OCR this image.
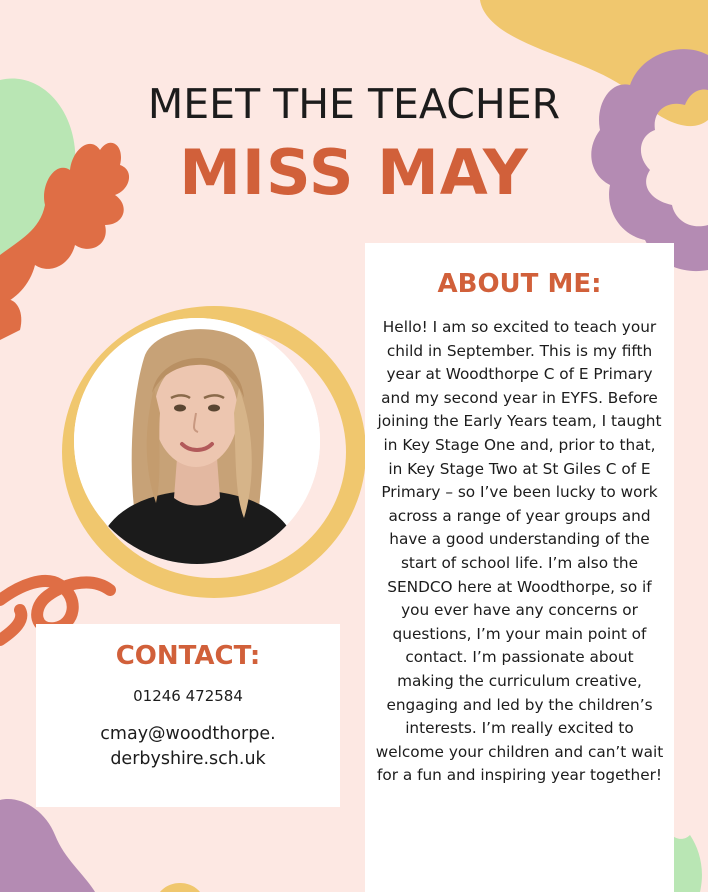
MEET THE TEACHER
MISS MAY
ABOUT ME:

Hello! I am so excited to teach your child in September. This is my fifth year at Woodthorpe C of E Primary and my second year in EYFS. Before joining the Early Years team, I taught in Key Stage One and, prior to that, in Key Stage Two at St Giles C of E Primary – so I’ve been lucky to work across a range of year groups and have a good understanding of the start of school life. I’m also the SENDCO here at Woodthorpe, so if you ever have any concerns or questions, I’m your main point of contact. I’m passionate about making the curriculum creative, engaging and led by the children’s interests. I’m really excited to welcome your children and can’t wait for a fun and inspiring year together!

CONTACT:
01246 472584
cmay@woodthorpe.derbyshire.sch.uk
